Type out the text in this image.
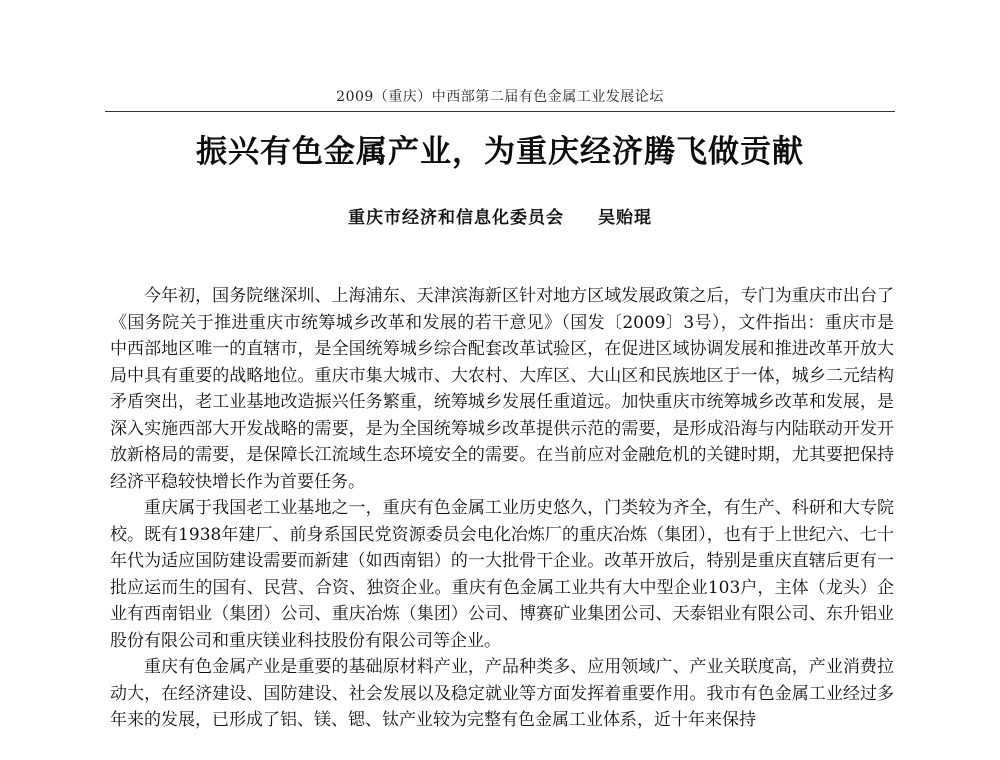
2009（重庆）中西部第二届有色金属工业发展论坛
振兴有色金属产业，为重庆经济腾飞做贡献
重庆市经济和信息化委员会 吴贻琨

今年初，国务院继深圳、上海浦东、天津滨海新区针对地方区域发展政策之后，专门为重庆市出台了《国务院关于推进重庆市统筹城乡改革和发展的若干意见》（国发〔2009〕3号），文件指出：重庆市是中西部地区唯一的直辖市，是全国统筹城乡综合配套改革试验区，在促进区域协调发展和推进改革开放大局中具有重要的战略地位。重庆市集大城市、大农村、大库区、大山区和民族地区于一体，城乡二元结构矛盾突出，老工业基地改造振兴任务繁重，统筹城乡发展任重道远。加快重庆市统筹城乡改革和发展，是深入实施西部大开发战略的需要，是为全国统筹城乡改革提供示范的需要，是形成沿海与内陆联动开发开放新格局的需要，是保障长江流域生态环境安全的需要。在当前应对金融危机的关键时期，尤其要把保持经济平稳较快增长作为首要任务。

重庆属于我国老工业基地之一，重庆有色金属工业历史悠久，门类较为齐全，有生产、科研和大专院校。既有1938年建厂、前身系国民党资源委员会电化冶炼厂的重庆冶炼（集团），也有于上世纪六、七十年代为适应国防建设需要而新建（如西南铝）的一大批骨干企业。改革开放后，特别是重庆直辖后更有一批应运而生的国有、民营、合资、独资企业。重庆有色金属工业共有大中型企业103户，主体（龙头）企业有西南铝业（集团）公司、重庆冶炼（集团）公司、博赛矿业集团公司、天泰铝业有限公司、东升铝业股份有限公司和重庆镁业科技股份有限公司等企业。

重庆有色金属产业是重要的基础原材料产业，产品种类多、应用领域广、产业关联度高，产业消费拉动大，在经济建设、国防建设、社会发展以及稳定就业等方面发挥着重要作用。我市有色金属工业经过多年来的发展，已形成了铝、镁、锶、钛产业较为完整有色金属工业体系，近十年来保持
